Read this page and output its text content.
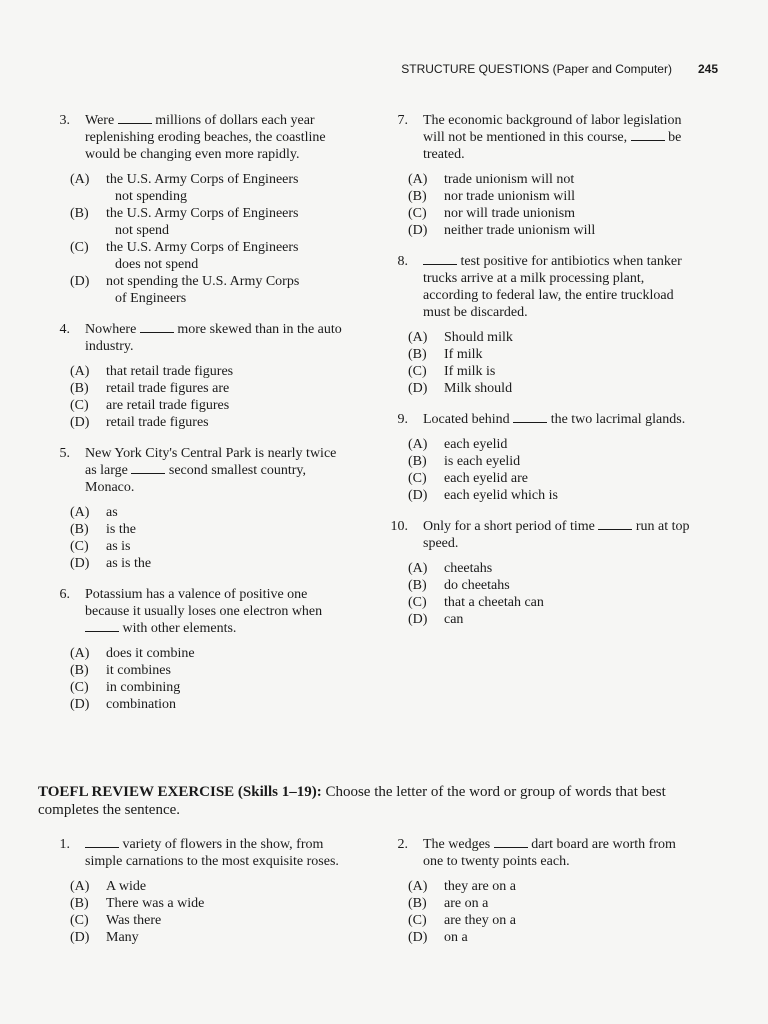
STRUCTURE QUESTIONS (Paper and Computer) 245
3.	Were  millions of dollars each year replenishing eroding beaches, the coastline would be changing even more rapidly.
(A)	the U.S. Army Corps of Engineers
not spending
(B)	the U.S. Army Corps of Engineers
not spend
(C)	the U.S. Army Corps of Engineers
does not spend
(D)	not spending the U.S. Army Corps
of Engineers
4.	Nowhere  more skewed than in the auto industry.
(A)	that retail trade figures
(B)	retail trade figures are
(C)	are retail trade figures
(D)	retail trade figures
5.	New York City's Central Park is nearly twice as large  second smallest country, Monaco.
(A)	as
(B)	is the
(C)	as is
(D)	as is the
6.	Potassium has a valence of positive one because it usually loses one electron when  with other elements.
(A)	does it combine
(B)	it combines
(C)	in combining
(D)	combination
7.	The economic background of labor legislation will not be mentioned in this course,  be treated.
(A)	trade unionism will not
(B)	nor trade unionism will
(C)	nor will trade unionism
(D)	neither trade unionism will
8.	test positive for antibiotics when tanker trucks arrive at a milk processing plant, according to federal law, the entire truckload must be discarded.
(A)	Should milk
(B)	If milk
(C)	If milk is
(D)	Milk should
9.	Located behind  the two lacrimal glands.
(A)	each eyelid
(B)	is each eyelid
(C)	each eyelid are
(D)	each eyelid which is
10.	Only for a short period of time  run at top speed.
(A)	cheetahs
(B)	do cheetahs
(C)	that a cheetah can
(D)	can
TOEFL REVIEW EXERCISE (Skills 1–19): Choose the letter of the word or group of words that best completes the sentence.
1.	variety of flowers in the show, from simple carnations to the most exquisite roses.
(A)	A wide
(B)	There was a wide
(C)	Was there
(D)	Many
2.	The wedges  dart board are worth from one to twenty points each.
(A)	they are on a
(B)	are on a
(C)	are they on a
(D)	on a
